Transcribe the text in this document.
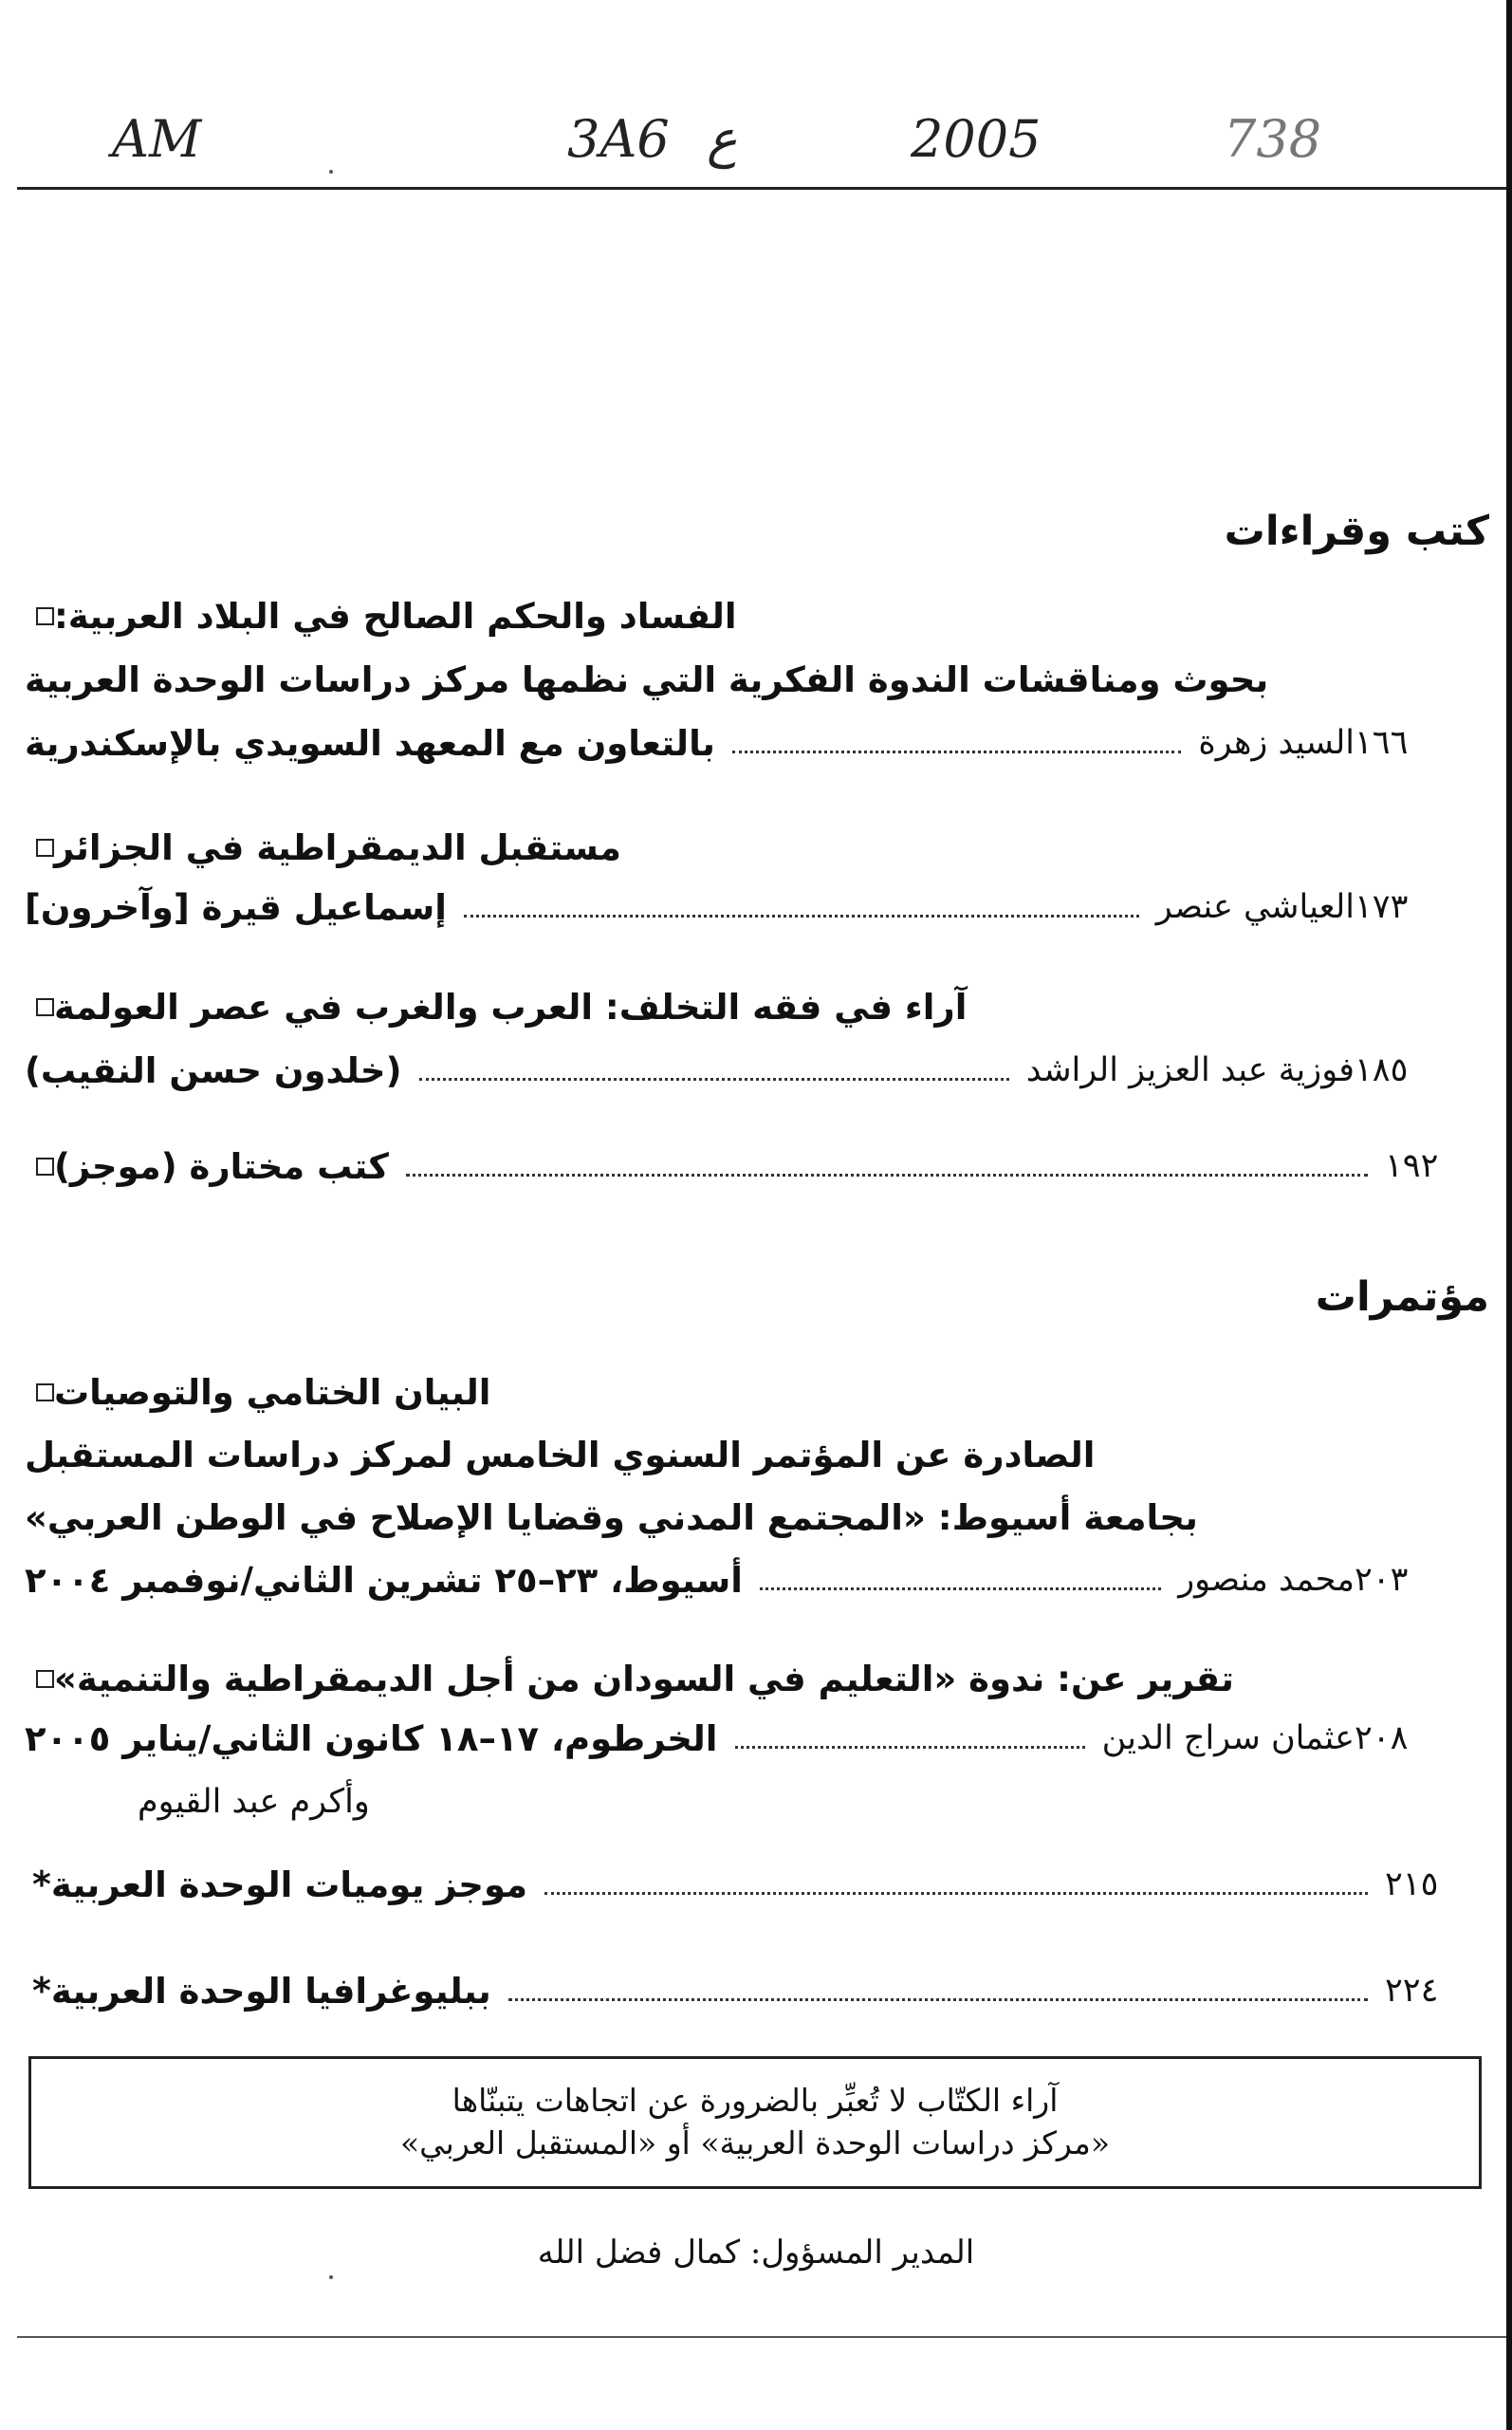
AM	3A6 ع	2005	738
كتب وقراءات
الفساد والحكم الصالح في البلاد العربية:
بحوث ومناقشات الندوة الفكرية التي نظمها مركز دراسات الوحدة العربية
بالتعاون مع المعهد السويدي بالإسكندرية	السيد زهرة ١٦٦
مستقبل الديمقراطية في الجزائر
إسماعيل قيرة [وآخرون]	العياشي عنصر ١٧٣
آراء في فقه التخلف: العرب والغرب في عصر العولمة
(خلدون حسن النقيب)	فوزية عبد العزيز الراشد ١٨٥
كتب مختارة (موجز)	١٩٢
مؤتمرات
البيان الختامي والتوصيات
الصادرة عن المؤتمر السنوي الخامس لمركز دراسات المستقبل
بجامعة أسيوط: «المجتمع المدني وقضايا الإصلاح في الوطن العربي»
أسيوط، ٢٣–٢٥ تشرين الثاني/نوفمبر ٢٠٠٤	محمد منصور ٢٠٣
تقرير عن: ندوة «التعليم في السودان من أجل الديمقراطية والتنمية»
الخرطوم، ١٧–١٨ كانون الثاني/يناير ٢٠٠٥	عثمان سراج الدين ٢٠٨
وأكرم عبد القيوم
* موجز يوميات الوحدة العربية	٢١٥
* ببليوغرافيا الوحدة العربية	٢٢٤
آراء الكتّاب لا تُعبِّر بالضرورة عن اتجاهات يتبنّاها
«مركز دراسات الوحدة العربية» أو «المستقبل العربي»
المدير المسؤول: كمال فضل الله
